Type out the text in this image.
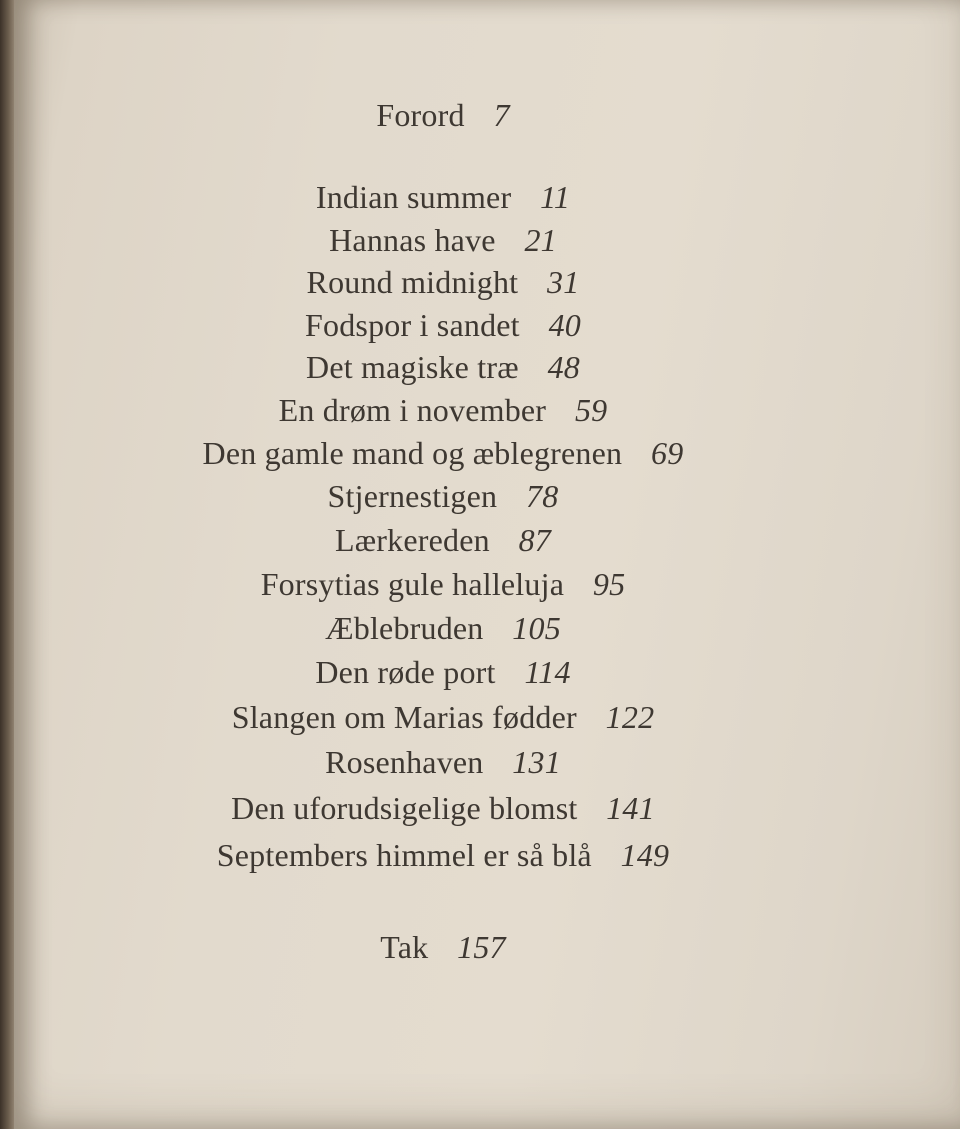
Forord 7
Indian summer 11
Hannas have 21
Round midnight 31
Fodspor i sandet 40
Det magiske træ 48
En drøm i november 59
Den gamle mand og æblegrenen 69
Stjernestigen 78
Lærkereden 87
Forsytias gule halleluja 95
Æblebruden 105
Den røde port 114
Slangen om Marias fødder 122
Rosenhaven 131
Den uforudsigelige blomst 141
Septembers himmel er så blå 149
Tak 157
